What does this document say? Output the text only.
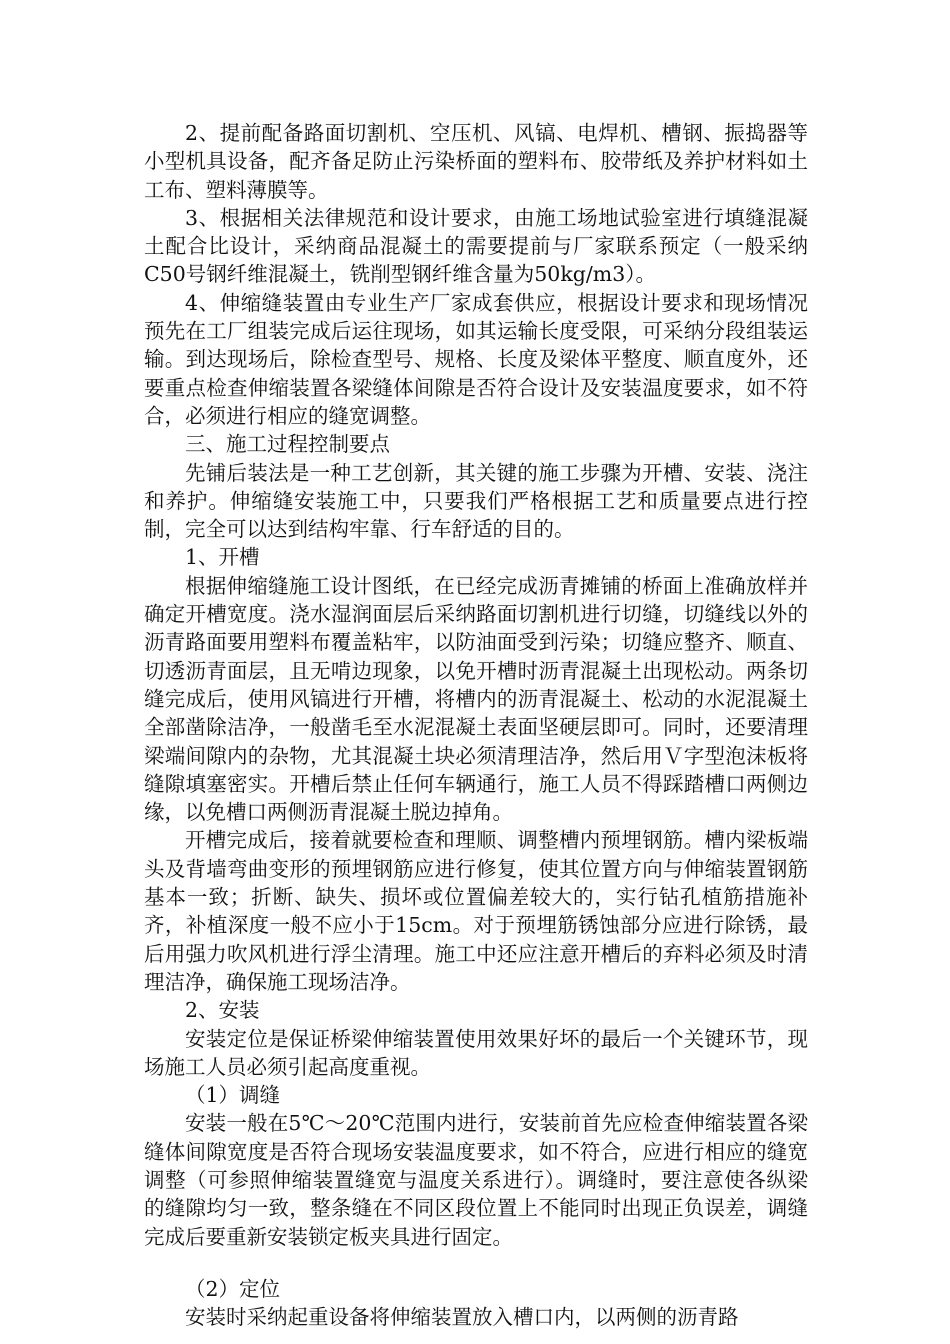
2、提前配备路面切割机、空压机、风镐、电焊机、槽钢、振捣器等小型机具设备，配齐备足防止污染桥面的塑料布、胶带纸及养护材料如土工布、塑料薄膜等。

3、根据相关法律规范和设计要求，由施工场地试验室进行填缝混凝土配合比设计，采纳商品混凝土的需要提前与厂家联系预定（一般采纳C50号钢纤维混凝土，铣削型钢纤维含量为50kg/m3）。

4、伸缩缝装置由专业生产厂家成套供应，根据设计要求和现场情况预先在工厂组装完成后运往现场，如其运输长度受限，可采纳分段组装运输。到达现场后，除检查型号、规格、长度及梁体平整度、顺直度外，还要重点检查伸缩装置各梁缝体间隙是否符合设计及安装温度要求，如不符合，必须进行相应的缝宽调整。

三、施工过程控制要点

先铺后装法是一种工艺创新，其关键的施工步骤为开槽、安装、浇注和养护。伸缩缝安装施工中，只要我们严格根据工艺和质量要点进行控制，完全可以达到结构牢靠、行车舒适的目的。

1、开槽

根据伸缩缝施工设计图纸，在已经完成沥青摊铺的桥面上准确放样并确定开槽宽度。浇水湿润面层后采纳路面切割机进行切缝，切缝线以外的沥青路面要用塑料布覆盖粘牢，以防油面受到污染；切缝应整齐、顺直、切透沥青面层，且无啃边现象，以免开槽时沥青混凝土出现松动。两条切缝完成后，使用风镐进行开槽，将槽内的沥青混凝土、松动的水泥混凝土全部凿除洁净，一般凿毛至水泥混凝土表面坚硬层即可。同时，还要清理梁端间隙内的杂物，尤其混凝土块必须清理洁净，然后用Ｖ字型泡沫板将缝隙填塞密实。开槽后禁止任何车辆通行，施工人员不得踩踏槽口两侧边缘，以免槽口两侧沥青混凝土脱边掉角。

开槽完成后，接着就要检查和理顺、调整槽内预埋钢筋。槽内梁板端头及背墙弯曲变形的预埋钢筋应进行修复，使其位置方向与伸缩装置钢筋基本一致；折断、缺失、损坏或位置偏差较大的，实行钻孔植筋措施补齐，补植深度一般不应小于15cm。对于预埋筋锈蚀部分应进行除锈，最后用强力吹风机进行浮尘清理。施工中还应注意开槽后的弃料必须及时清理洁净，确保施工现场洁净。

2、安装

安装定位是保证桥梁伸缩装置使用效果好坏的最后一个关键环节，现场施工人员必须引起高度重视。

（1）调缝

安装一般在5℃～20℃范围内进行，安装前首先应检查伸缩装置各梁缝体间隙宽度是否符合现场安装温度要求，如不符合，应进行相应的缝宽调整（可参照伸缩装置缝宽与温度关系进行）。调缝时，要注意使各纵梁的缝隙均匀一致，整条缝在不同区段位置上不能同时出现正负误差，调缝完成后要重新安装锁定板夹具进行固定。

（2）定位

安装时采纳起重设备将伸缩装置放入槽口内，以两侧的沥青路
